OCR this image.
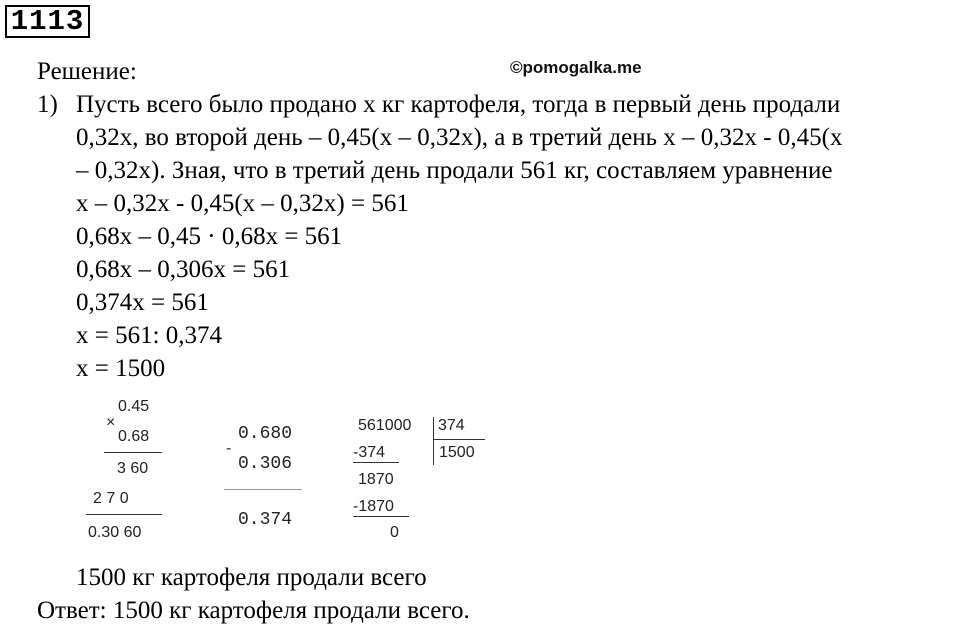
1113
Решение:	©pomogalka.me
1) Пусть всего было продано х кг картофеля, тогда в первый день продали
0,32х, во второй день – 0,45(х – 0,32х), а в третий день х – 0,32х - 0,45(х
– 0,32х). Зная, что в третий день продали 561 кг, составляем уравнение
х – 0,32х - 0,45(х – 0,32х) = 561
0,68х – 0,45 · 0,68х = 561
0,68х – 0,306х = 561
0,374х = 561
х = 561: 0,374
х = 1500
×
0.45
0.68
3 60
2 7 0
0.30 60
0.680
-
0.306
0.374
561000 374
1500
-374
1870
-1870
0
1500 кг картофеля продали всего
Ответ: 1500 кг картофеля продали всего.
